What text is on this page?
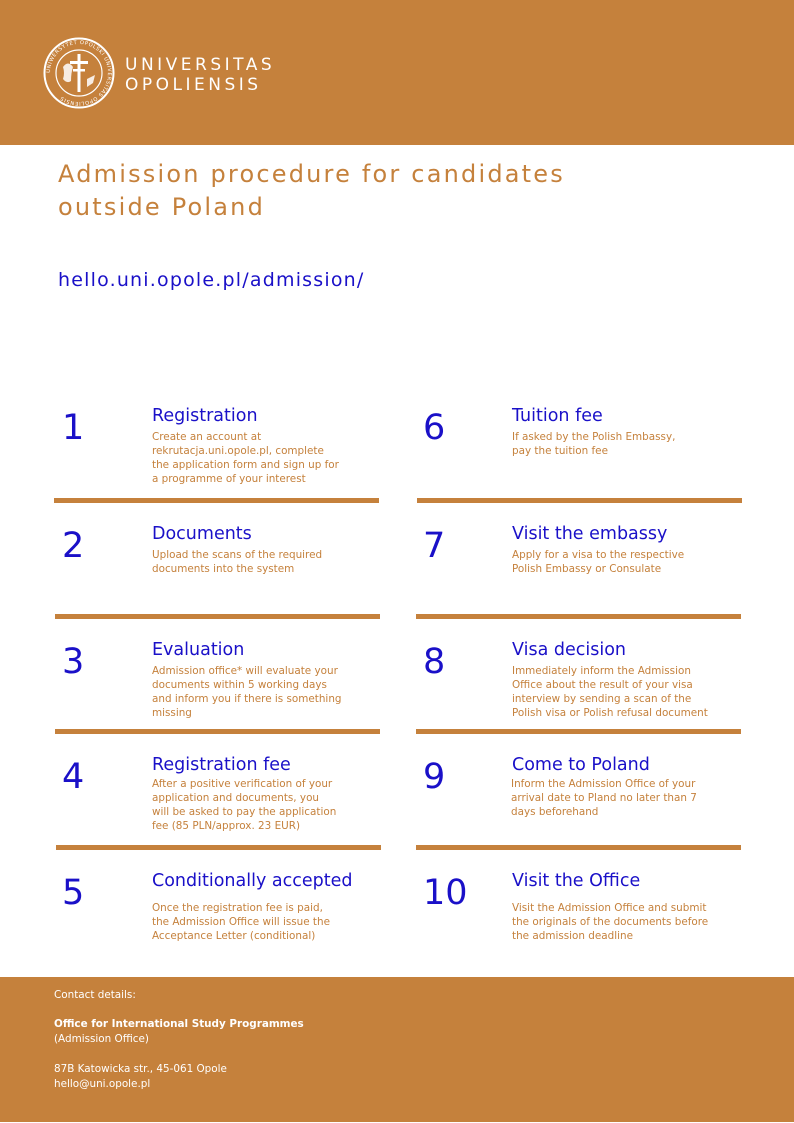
UNIWERSYTET OPOLSKI UNIVERSITAS OPOLIENSIS
UNIVERSITAS
OPOLIENSIS
Admission procedure for candidates outside Poland
hello.uni.opole.pl/admission/
1	Registration
Create an account at rekrutacja.uni.opole.pl, complete the application form and sign up for a programme of your interest
2	Documents
Upload the scans of the required documents into the system
3	Evaluation
Admission office* will evaluate your documents within 5 working days and inform you if there is something missing
4	Registration fee
After a positive verification of your application and documents, you will be asked to pay the application fee (85 PLN/approx. 23 EUR)
5	Conditionally accepted
Once the registration fee is paid, the Admission Office will issue the Acceptance Letter (conditional)
6	Tuition fee
If asked by the Polish Embassy, pay the tuition fee
7	Visit the embassy
Apply for a visa to the respective Polish Embassy or Consulate
8	Visa decision
Immediately inform the Admission Office about the result of your visa interview by sending a scan of the Polish visa or Polish refusal document
9	Come to Poland
Inform the Admission Office of your arrival date to Pland no later than 7 days beforehand
10	Visit the Office
Visit the Admission Office and submit the originals of the documents before the admission deadline
Contact details:
Office for International Study Programmes
(Admission Office)
87B Katowicka str., 45-061 Opole
hello@uni.opole.pl
